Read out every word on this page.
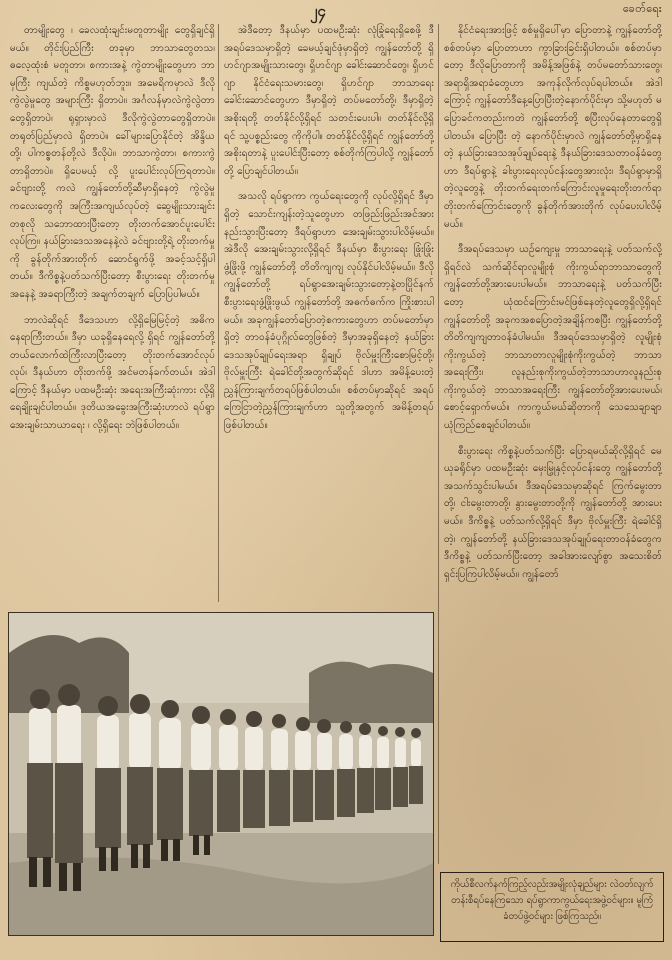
၂၄	ခေတ်ရေး

တာမျိုးတွေ ၊ ခေလထုံးချင်းမတူတာမျိုး တွေရှိချင်ရှိမယ်။ တိုင်းပြည်ကြီး တခုမှာ ဘာသာတွေတသ၊ ဓလေ့ထုံးစံ မတူတာ၊ စကားအနဲ့ ကွဲတာမျိုးတွေဟာ ဘာမှကြီး ကျယ်တဲ့ ကိစ္စမဟုတ်ဘူး။ အမေရိကမှာလဲ ဒီလိုကွဲလွဲမှုတွေ အများကြီး ရှိတာပဲ။ အင်္ဂလန်မှာလဲကွဲလွဲတာတွေရှိတာပဲ၊ ရုရှားမှာလဲ ဒီလိုကွဲလွဲတာတွေရှိတာပဲ။ တရုတ်ပြည်မှာလဲ ရှိတာပဲ။ ခေါ်များပြောနိုင်တဲ့ အိန္ဒိယတို့၊ ပါကစ္စတန်တို့လဲ ဒီလိုပဲ။ ဘာသာကွဲတာ၊ စကားကွဲတာရှိတာပဲ။ ရှိပေမယ့် လို့ ပူးပေါင်းလုပ်ကြရတာပဲ။ ခင်ဗျားတို့ ကလဲ ကျွန်တော်တို့ဆီမှာရှိနေတဲ့ ကွဲလွဲမှု ကလေးတွေကို အကြီးအကျယ်လုပ်တဲ့ ဆွေမျိုးသားချင်းတစုလို သဘောထားပြီးတော့ တိုးတက်အောင်ပူးပေါင်းလုပ်ကြ။ နယ်ခြားဒေသအနေနဲ့လဲ ခင်ဗျားတို့ရဲ့ တိုးတက်မှုကို ခွန်တိုက်အားတိုက် ဆောင်ရွက်ဖို့ အခင့်သင့်ရှိပါတယ်။ ဒီကိစ္စနဲ့ပတ်သက်ပြီးတော့ စီးပွားရေး တိုးတက်မှုအနေနဲ့ အခရာကြီးတဲ့ အချက်တချက် ပြောပြပါမယ်။

ဘာလဲဆိုရင် ဒီဒေသဟာ လို့ရှိမြေမြင့်တဲ့ အဓိကနေရာကြီးတယ်။ ဒီမှာ ယခုရှိနေရေလို့ ရှိရင် ကျွန်တော်တို့ တယ်လောက်ထဲကြီးလာပြီးတော့ တိုးတက်အောင်လုပ်လုပ်၊ ဒီနယ်ဟာ တိုးတက်ဖို့ အင်မတန်ခက်တယ်။ အဲဒါကြောင့် ဒီနယ်မှာ ပထမဦးဆုံး အရေးအကြီးဆုံးကား လို့ရှိ ရေချိုးချင်ပါတယ်။ ဒုတိယအခွေးအကြီးဆုံးဟာလဲ ရပ်ရွာအေးချမ်းသာယာရေး ၊ လို့ရှိရေး ဘဲဖြစ်ပါတယ်။

အဲဒီတော့ ဒီနယ်မှာ ပထမဦးဆုံး လုံခြုံရေးရှိစေဖို့ ဒီအရပ်ဒေသမှာရှိတဲ့ ခေမယ့်ချင်ဖုံမှာရှိတဲ့ ကျွန်တော်တို့ ရှိဟင်ဂျာအမျိုးသားတွေ၊ ရှိဟင်ဂျာ ခေါင်းဆောင်တွေ၊ ရှိဟင်ဂျာ နိုင်ငံရေးသမားတွေ၊ ရှိဟင်ဂျာ ဘာသာရေးခေါင်းဆောင်တွေဟာ ဒီမှာရှိတဲ့ တပ်မတော်တို့၊ ဒီမှာရှိတဲ့ အစိုးရတို့ တတ်နိုင်လို့ရှိရင် သတင်းပေးပါ။ တတ်နိုင်လို့ရှိရင် သူ့ပစ္စည်းတွေ ကိုကိုပါ။ တတ်နိုင်လို့ရှိရင် ကျွန်တော်တို့အစိုးရတာနဲ့ ပူးပေါင်းပြီးတော့ စစ်တိုက်ကြပါလို့ ကျွန်တော်တို့ ပြောချင်ပါတယ်။

အသလို ရပ်ရွာကာ ကွယ်ရေးတွေကို လုပ်လို့ရှိရင် ဒီမှာရှိတဲ့ သောင်းကျန်းတဲ့သူတွေဟာ တဖြည်းဖြည်းအင်အားနည်းသွားပြီးတော့ ဒီရပ်ရွာဟာ အေးချမ်းသွားပါလိမ့်မယ်။ အဲဒီလို အေးချမ်းသွားလို့ရှိရင် ဒီနယ်မှာ စီးပွားရေး ဖြုံးဖြုံးဖွံ့ဖြိုးဖို့ ကျွန်တော်တို့ တိတိကျကျ လုပ်နိုင်ပါလိမ့်မယ်။ ဒီလို ကျွန်တော်တို့ ရပ်ရွာအေးချမ်းသွားတော့နဲ့တပြိုင်နက် စီးပွားရေးဖွံ့ဖြိုးဖွယ် ကျွန်တော်တို့ အဓက်ဓက်က ကြိုးစားပါမယ်။ အခုကျွန်တော်ပြောတဲ့စကားတွေဟာ တပ်မတော်မှာရှိတဲ့ တာဝန်ခံပုဂ္ဂိုလ်တွေဖြစ်တဲ့ ဒီမှာအခုရှိနေတဲ့ နယ်ခြားဒေသအုပ်ချုပ်ရေးအရာ ရှိချုပ် ဗိုလ်မှူးကြီးစောမြင့်တို့၊ ဗိုလ်မှူးကြီး ရဲခေါင်တို့အတွက်ဆိုရင် ဒါဟာ အမိန့်ပေးတဲ့ ညွှန်ကြားချက်တရပ်ဖြစ်ပါတယ်။ စစ်တပ်မှာဆိုရင် အရပ်ကြေငြာတဲ့ညွှန်ကြားချက်ဟာ သူတို့အတွက် အမိန့်တရပ်ဖြစ်ပါတယ်။

နိုင်ငံရေးအားဖြင့် စစ်မှုရှိပေါ်မှာ ပြောတာနဲ့ ကျွန်တော်တို့စစ်တပ်မှာ ပြောတာဟာ ကွာခြားခြင်းရှိပါတယ်။ စစ်တပ်မှာတော့ ဒီလိုပြောတာကို အမိန့်အဖြစ်နဲ့ တပ်မတော်သားတွေ၊ အရာရှိအရာခံတွေဟာ အကုန်လိုက်လုပ်ရပါတယ်။ အဲဒါကြောင့် ကျွန်တော်ဒီနေ့ပြောပြီးတဲ့နောက်ပိုင်းမှာ သို့မဟုတ် မပြောခင်ကတည်းကတဲ ကျွန်တော်တို့ စပြီးလုပ်နေတာတွေရှိပါတယ်။ ပြောပြီး တဲ့ နောက်ပိုင်းမှာလဲ ကျွန်တော်တို့မှာရှိနေတဲ့ နယ်ခြားဒေသအုပ်ချုပ်ရေးနဲ့ ဒီနယ်ခြားဒေသတာဝန်ခံတွေဟာ ဒီရပ်ရွာနဲ့ ခါးပွားရေးလုပ်ငန်းတွေအားလုံး၊ ဒီရပ်ရွာမှာရှိတဲ့လူတွေနဲ့ တိုးတက်ရေးတက်ကြောင်းလူမှုရေးတိုးတက်ရာ တိုးတက်ကြောင်းတွေကို ခွန်တိုက်အားတိုက် လုပ်ပေးပါလိမ့်မယ်။

ဒီအရပ်ဒေသမှာ ယဉ်ကျေးမှု ဘာသာရေးနဲ့ ပတ်သက်လို့ ရှိရင်လဲ သက်ဆိုင်ရာလူမျိုးစုံ ကိုးကွယ်ရာဘာသာတွေကို ကျွန်တော်တို့အားပေးပါမယ်။ ဘာသာရေးနဲ့ ပတ်သက်ပြီးတော့ ယုံထင်ကြောင်းမင်ဖြစ်နေတဲ့လူတွေရှိလို့ရှိရင် ကျွန်တော်တို့ အခုကအစပြောတဲ့အချိန်ကစပြီး ကျွန်တော်တို့ တိတိကျကျတာဝန်ခံပါမယ်။ ဒီအရပ်ဒေသမှာရှိတဲ့ လူမျိုးစုံကိုးကွယ်တဲ့ ဘာသာတာလူမျိုးစုံကိုးကွယ်တဲ့ ဘာသာအရေးကြီး၊ လူနည်းစုကိုးကွယ်တဲ့ဘာသာဟာလူနည်းစုကိုးကွယ်တဲ့ ဘာသာအရေးကြီး ကျွန်တော်တို့အားပေးမယ်၊ စောင့်ရှောက်မယ်။ ကာကွယ်မယ်ဆိုတာကို သေသေချာချာ ယုံကြည်စေချင်ပါတယ်။

စီးပွားရေး ကိစ္စနဲ့ပတ်သက်ပြီး ပြောရမယ်ဆိုလို့ရှိရင် မေယုခရိုင်မှာ ပထမဦးဆုံး မှေးမြှုနှင့်လုပ်ငန်းတွေ ကျွန်တော်တို့ အသက်သွင်းပါမယ်။ ဒီအရပ်ဒေသမှာဆိုရင် ကြက်မွေးတာတို့၊ ငါးမွေးတာတို့၊ နွားမွေးတာတို့ကို ကျွန်တော်တို့ အားပေးမယ်။ ဒီကိစ္စနဲ့ ပတ်သက်လို့ရှိရင် ဒီမှာ ဗိုလ်မှူးကြီး ရဲခေါင်ရှိတဲ့၊ ကျွန်တော်တို့ နယ်ခြားဒေသအုပ်ချုပ်ရေးတာဝန်ခံတွေက ဒီကိစ္စနဲ့ ပတ်သက်ပြီးတော့ အခါအားလျော်စွာ အသေးစိတ်ရှင်းပြကြပါလိမ့်မယ်။ ကျွန်တော်

ကိုယ်စီလက်နက်ကြည့်လည်းအမျိုးလုံချည်များ လဲဝတ်လျက်တန်းစီရပ်နေကြသော ရပ်ရွာကာကွယ်ရေးအဖွဲ့ဝင်များ။ မူကြံခံတပ်ဖွဲ့ဝင်များ ဖြစ်ကြသည်။
